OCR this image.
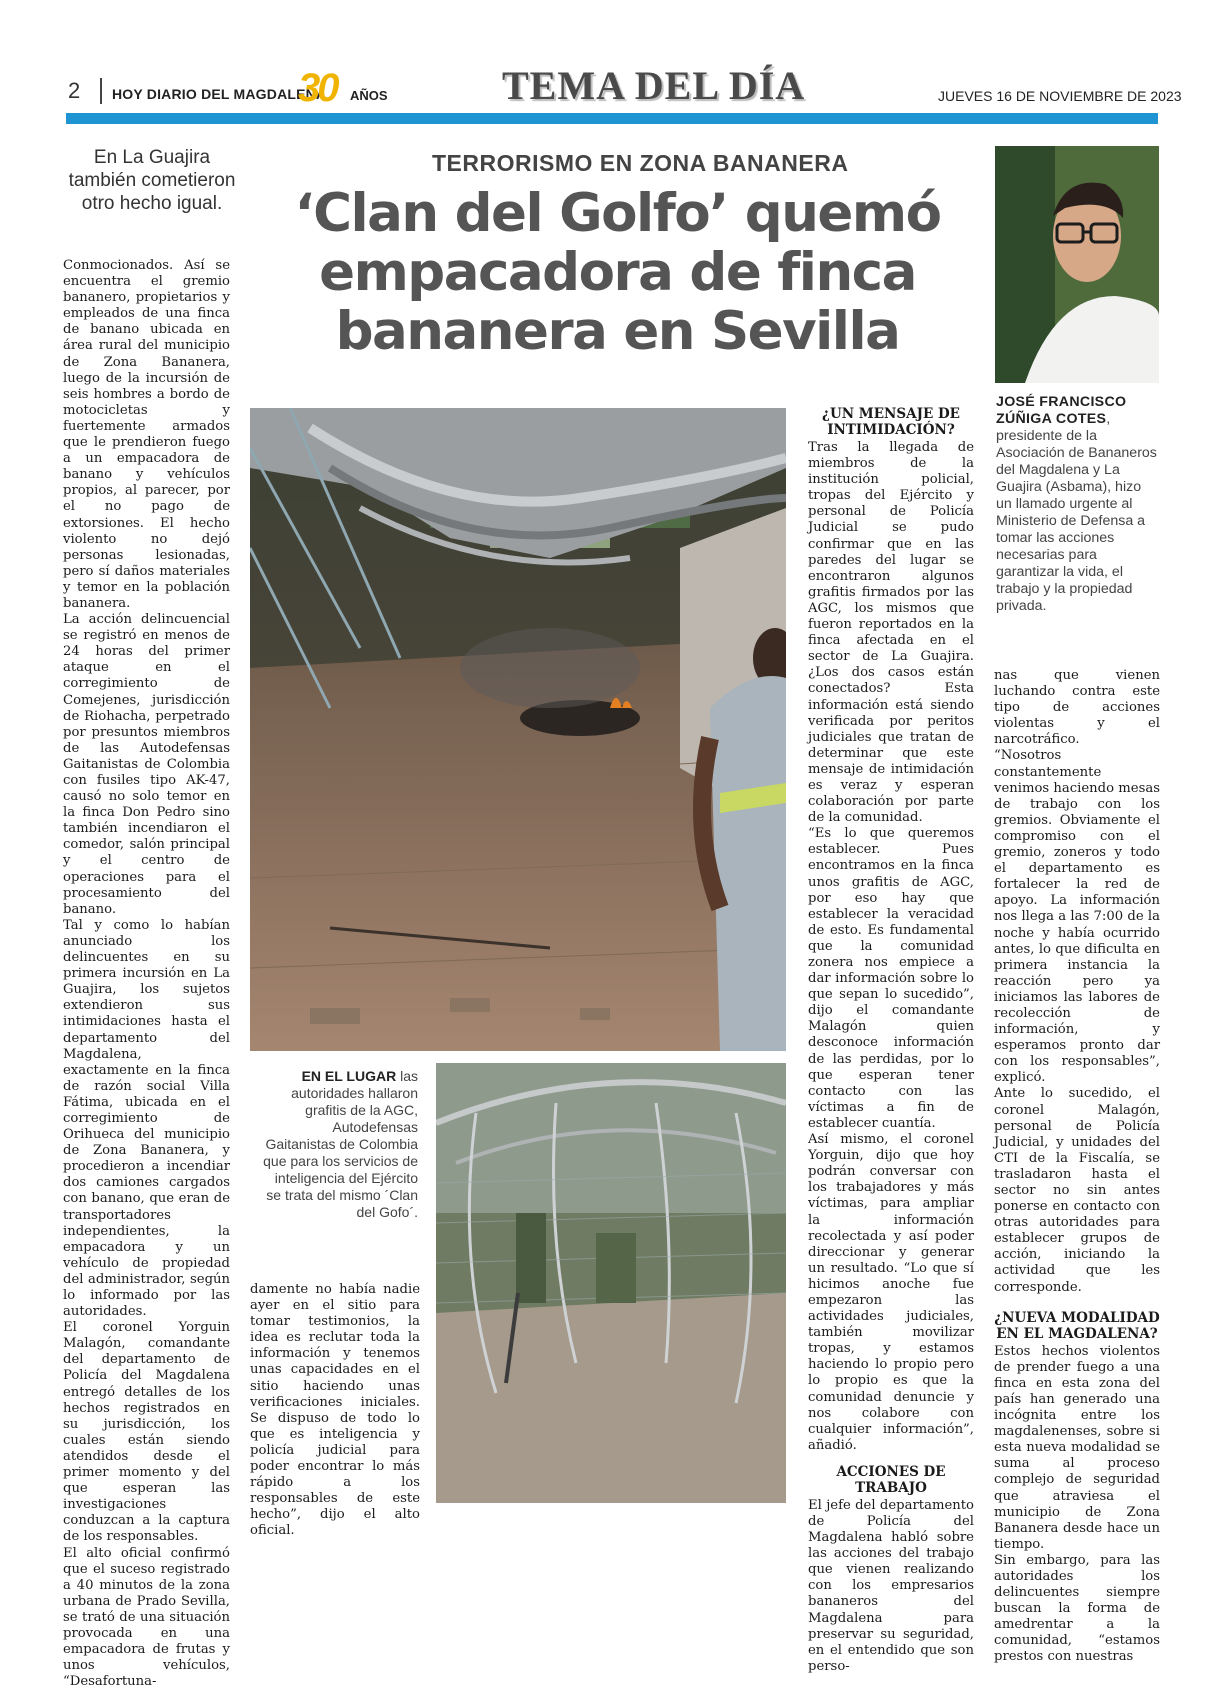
2 HOY DIARIO DEL MAGDALENA
30 AÑOS	TEMA DEL DÍA	JUEVES 16 DE NOVIEMBRE DE 2023
En La Guajira también cometieron otro hecho igual.
TERRORISMO EN ZONA BANANERA
‘Clan del Golfo’ quemó empacadora de finca bananera en Sevilla

Conmocionados. Así se encuentra el gremio bananero, propietarios y empleados de una finca de banano ubicada en área rural del municipio de Zona Bananera, luego de la incursión de seis hombres a bordo de motocicletas y fuertemente armados que le prendieron fuego a un empacadora de banano y vehículos propios, al parecer, por el no pago de extorsiones. El hecho violento no dejó personas lesionadas, pero sí daños materiales y temor en la población bananera.

La acción delincuencial se registró en menos de 24 horas del primer ataque en el corregimiento de Comejenes, jurisdicción de Riohacha, perpetrado por presuntos miembros de las Autodefensas Gaitanistas de Colombia con fusiles tipo AK-47, causó no solo temor en la finca Don Pedro sino también incendiaron el comedor, salón principal y el centro de operaciones para el procesamiento del banano.

Tal y como lo habían anunciado los delincuentes en su primera incursión en La Guajira, los sujetos extendieron sus intimidaciones hasta el departamento del Magdalena, exactamente en la finca de razón social Villa Fátima, ubicada en el corregimiento de Orihueca del municipio de Zona Bananera, y procedieron a incendiar dos camiones cargados con banano, que eran de transportadores independientes, la empacadora y un vehículo de propiedad del administrador, según lo informado por las autoridades.

El coronel Yorguin Malagón, comandante del departamento de Policía del Magdalena entregó detalles de los hechos registrados en su jurisdicción, los cuales están siendo atendidos desde el primer momento y del que esperan las investigaciones conduzcan a la captura de los responsables.

El alto oficial confirmó que el suceso registrado a 40 minutos de la zona urbana de Prado Sevilla, se trató de una situación provocada en una empacadora de frutas y unos vehículos, “Desafortuna-

EN EL LUGAR las autoridades hallaron grafitis de la AGC, Autodefensas Gaitanistas de Colombia que para los servicios de inteligencia del Ejército se trata del mismo ´Clan del Gofo´.

damente no había nadie ayer en el sitio para tomar testimonios, la idea es reclutar toda la información y tenemos unas capacidades en el sitio haciendo unas verificaciones iniciales. Se dispuso de todo lo que es inteligencia y policía judicial para poder encontrar lo más rápido a los responsables de este hecho”, dijo el alto oficial.

¿UN MENSAJE DE INTIMIDACIÓN?

Tras la llegada de miembros de la institución policial, tropas del Ejército y personal de Policía Judicial se pudo confirmar que en las paredes del lugar se encontraron algunos grafitis firmados por las AGC, los mismos que fueron reportados en la finca afectada en el sector de La Guajira. ¿Los dos casos están conectados? Esta información está siendo verificada por peritos judiciales que tratan de determinar que este mensaje de intimidación es veraz y esperan colaboración por parte de la comunidad.

“Es lo que queremos establecer. Pues encontramos en la finca unos grafitis de AGC, por eso hay que establecer la veracidad de esto. Es fundamental que la comunidad zonera nos empiece a dar información sobre lo que sepan lo sucedido”, dijo el comandante Malagón quien desconoce información de las perdidas, por lo que esperan tener contacto con las víctimas a fin de establecer cuantía.

Así mismo, el coronel Yorguin, dijo que hoy podrán conversar con los trabajadores y más víctimas, para ampliar la información recolectada y así poder direccionar y generar un resultado. “Lo que sí hicimos anoche fue empezaron las actividades judiciales, también movilizar tropas, y estamos haciendo lo propio pero lo propio es que la comunidad denuncie y nos colabore con cualquier información”, añadió.

ACCIONES DE TRABAJO

El jefe del departamento de Policía del Magdalena habló sobre las acciones del trabajo que vienen realizando con los empresarios bananeros del Magdalena para preservar su seguridad, en el entendido que son perso-

JOSÉ FRANCISCO ZÚÑIGA COTES, presidente de la Asociación de Bananeros del Magdalena y La Guajira (Asbama), hizo un llamado urgente al Ministerio de Defensa a tomar las acciones necesarias para garantizar la vida, el trabajo y la propiedad privada.

nas que vienen luchando contra este tipo de acciones violentas y el narcotráfico.

“Nosotros constantemente venimos haciendo mesas de trabajo con los gremios. Obviamente el compromiso con el gremio, zoneros y todo el departamento es fortalecer la red de apoyo. La información nos llega a las 7:00 de la noche y había ocurrido antes, lo que dificulta en primera instancia la reacción pero ya iniciamos las labores de recolección de información, y esperamos pronto dar con los responsables”, explicó.

Ante lo sucedido, el coronel Malagón, personal de Policía Judicial, y unidades del CTI de la Fiscalía, se trasladaron hasta el sector no sin antes ponerse en contacto con otras autoridades para establecer grupos de acción, iniciando la actividad que les corresponde.

¿NUEVA MODALIDAD EN EL MAGDALENA?

Estos hechos violentos de prender fuego a una finca en esta zona del país han generado una incógnita entre los magdalenenses, sobre si esta nueva modalidad se suma al proceso complejo de seguridad que atraviesa el municipio de Zona Bananera desde hace un tiempo.

Sin embargo, para las autoridades los delincuentes siempre buscan la forma de amedrentar a la comunidad, “estamos prestos con nuestras
